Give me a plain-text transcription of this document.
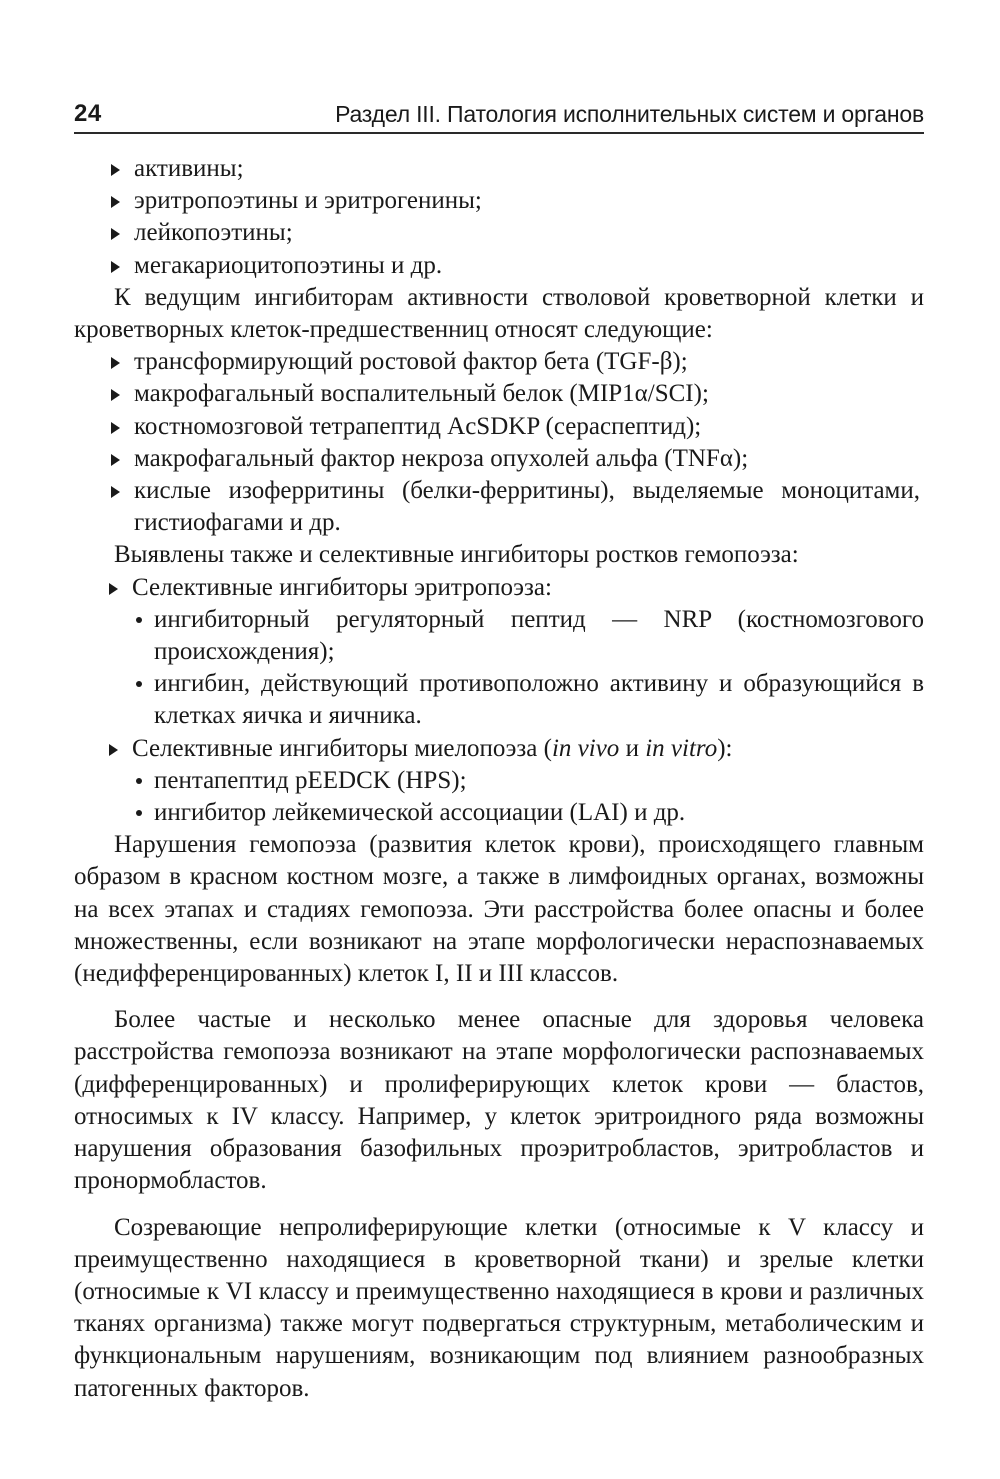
24	Раздел III. Патология исполнительных систем и органов
активины;
эритропоэтины и эритрогенины;
лейкопоэтины;
мегакариоцитопоэтины и др.
К ведущим ингибиторам активности стволовой кроветворной клетки и кроветворных клеток-предшественниц относят следующие:
трансформирующий ростовой фактор бета (TGF-β);
макрофагальный воспалительный белок (MIP1α/SCI);
костномозговой тетрапептид AcSDKP (сераспептид);
макрофагальный фактор некроза опухолей альфа (TNFα);
кислые изоферритины (белки-ферритины), выделяемые моноцитами, гистиофагами и др.
Выявлены также и селективные ингибиторы ростков гемопоэза:
Селективные ингибиторы эритропоэза:
ингибиторный регуляторный пептид — NRP (костномозгового происхождения);
ингибин, действующий противоположно активину и образующийся в клетках яичка и яичника.
Селективные ингибиторы миелопоэза (in vivo и in vitro):
пентапептид pEEDCK (HPS);
ингибитор лейкемической ассоциации (LAI) и др.

Нарушения гемопоэза (развития клеток крови), происходящего главным образом в красном костном мозге, а также в лимфоидных органах, возможны на всех этапах и стадиях гемопоэза. Эти расстройства более опасны и более множественны, если возникают на этапе морфологически нераспознаваемых (недифференцированных) клеток I, II и III классов.

Более частые и несколько менее опасные для здоровья человека расстройства гемопоэза возникают на этапе морфологически распознаваемых (дифференцированных) и пролиферирующих клеток крови — бластов, относимых к IV классу. Например, у клеток эритроидного ряда возможны нарушения образования базофильных проэритробластов, эритробластов и пронормобластов.

Созревающие непролиферирующие клетки (относимые к V классу и преимущественно находящиеся в кроветворной ткани) и зрелые клетки (относимые к VI классу и преимущественно находящиеся в крови и различных тканях организма) также могут подвергаться структурным, метаболическим и функциональным нарушениям, возникающим под влиянием разнообразных патогенных факторов.
